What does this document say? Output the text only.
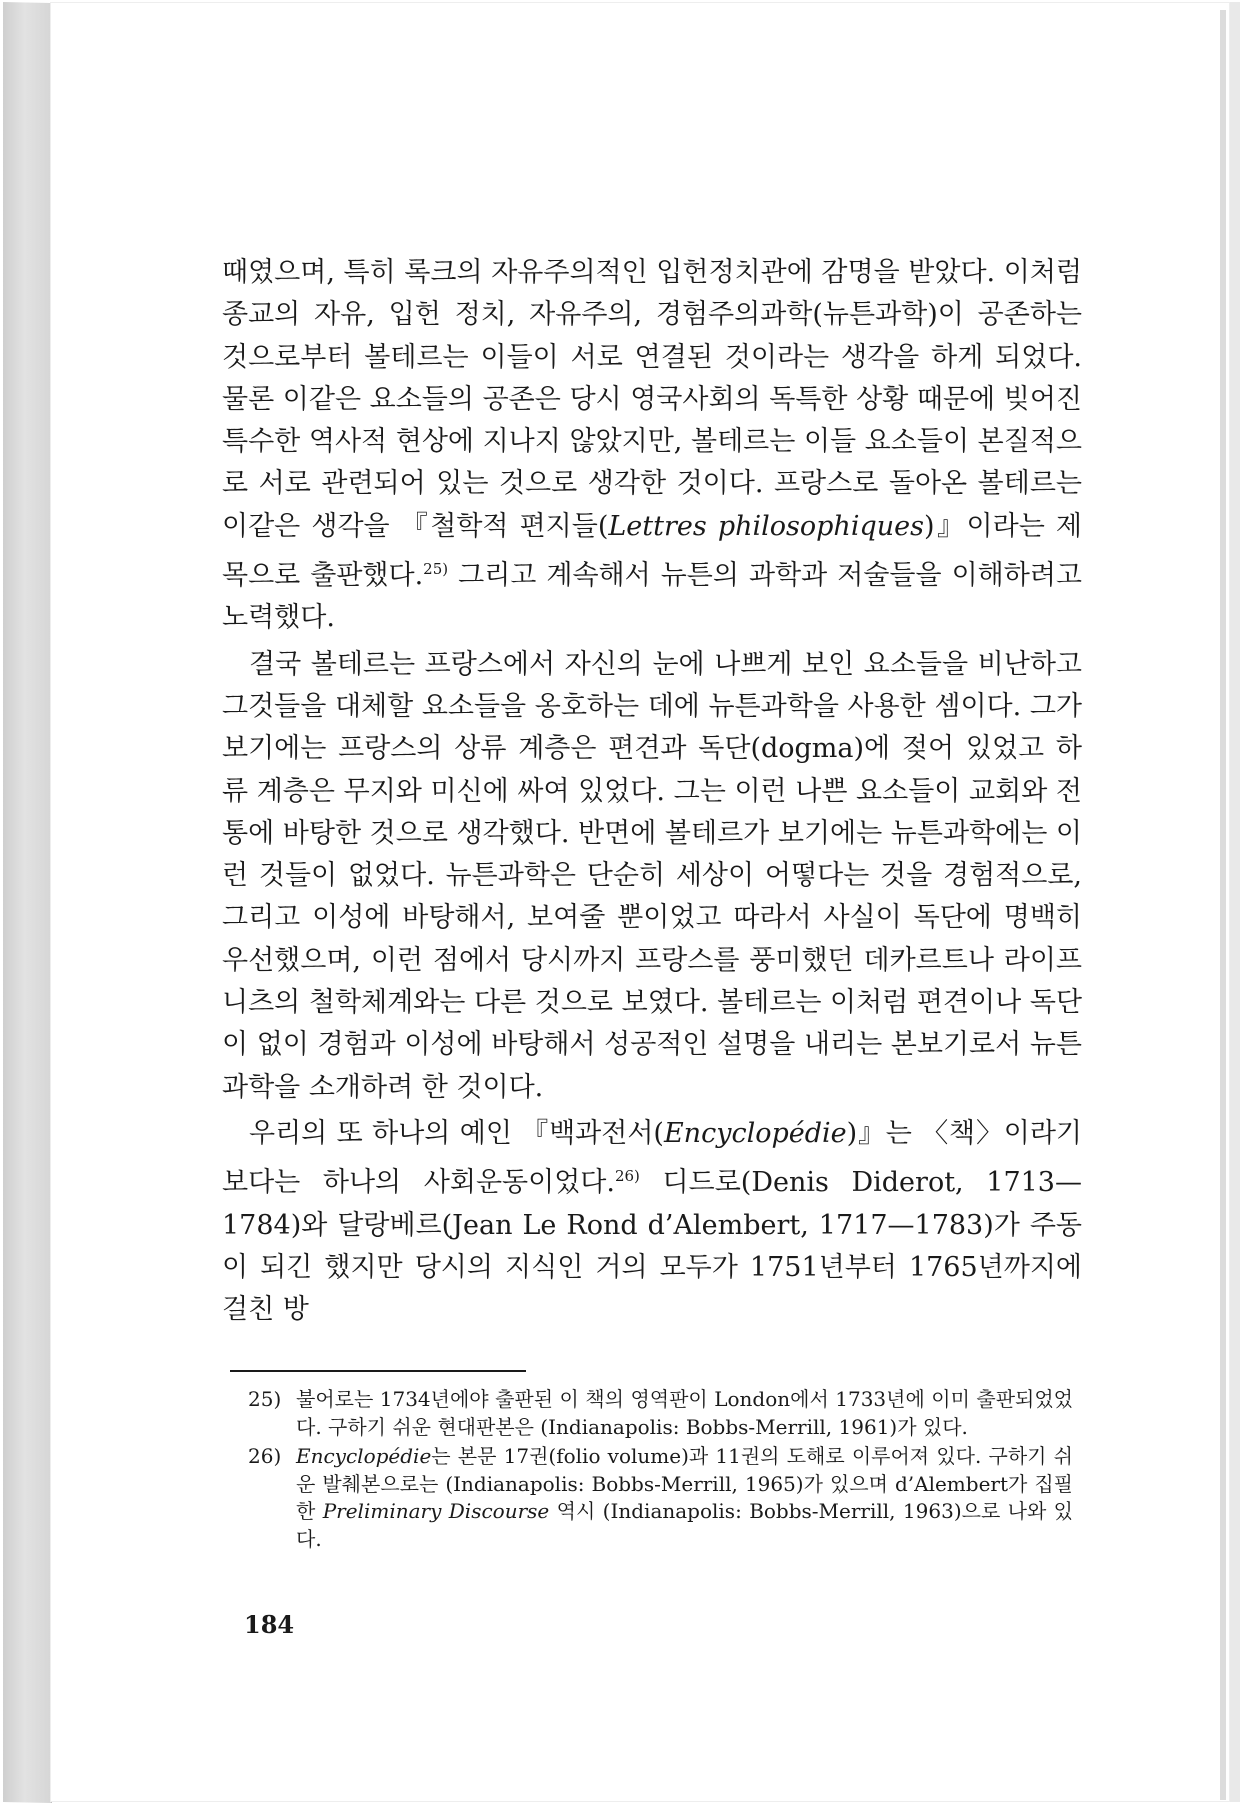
때였으며, 특히 록크의 자유주의적인 입헌정치관에 감명을 받았다. 이처럼 종교의 자유, 입헌 정치, 자유주의, 경험주의과학(뉴튼과학)이 공존하는 것으로부터 볼테르는 이들이 서로 연결된 것이라는 생각을 하게 되었다. 물론 이같은 요소들의 공존은 당시 영국사회의 독특한 상황 때문에 빚어진 특수한 역사적 현상에 지나지 않았지만, 볼테르는 이들 요소들이 본질적으로 서로 관련되어 있는 것으로 생각한 것이다. 프랑스로 돌아온 볼테르는 이같은 생각을 『철학적 편지들(Lettres philosophiques)』이라는 제목으로 출판했다.$^{25)}$ 그리고 계속해서 뉴튼의 과학과 저술들을 이해하려고 노력했다.

결국 볼테르는 프랑스에서 자신의 눈에 나쁘게 보인 요소들을 비난하고 그것들을 대체할 요소들을 옹호하는 데에 뉴튼과학을 사용한 셈이다. 그가 보기에는 프랑스의 상류 계층은 편견과 독단(dogma)에 젖어 있었고 하류 계층은 무지와 미신에 싸여 있었다. 그는 이런 나쁜 요소들이 교회와 전통에 바탕한 것으로 생각했다. 반면에 볼테르가 보기에는 뉴튼과학에는 이런 것들이 없었다. 뉴튼과학은 단순히 세상이 어떻다는 것을 경험적으로, 그리고 이성에 바탕해서, 보여줄 뿐이었고 따라서 사실이 독단에 명백히 우선했으며, 이런 점에서 당시까지 프랑스를 풍미했던 데카르트나 라이프니츠의 철학체계와는 다른 것으로 보였다. 볼테르는 이처럼 편견이나 독단이 없이 경험과 이성에 바탕해서 성공적인 설명을 내리는 본보기로서 뉴튼과학을 소개하려 한 것이다.

우리의 또 하나의 예인 『백과전서(Encyclopédie)』는 〈책〉이라기보다는 하나의 사회운동이었다.$^{26)}$ 디드로(Denis Diderot, 1713—1784)와 달랑베르(Jean Le Rond d’Alembert, 1717—1783)가 주동이 되긴 했지만 당시의 지식인 거의 모두가 1751년부터 1765년까지에 걸친 방

25) 불어로는 1734년에야 출판된 이 책의 영역판이 London에서 1733년에 이미 출판되었었다. 구하기 쉬운 현대판본은 (Indianapolis: Bobbs-Merrill, 1961)가 있다.
26) Encyclopédie는 본문 17권(folio volume)과 11권의 도해로 이루어져 있다. 구하기 쉬운 발췌본으로는 (Indianapolis: Bobbs-Merrill, 1965)가 있으며 d’Alembert가 집필한 Preliminary Discourse 역시 (Indianapolis: Bobbs-Merrill, 1963)으로 나와 있다.
184
